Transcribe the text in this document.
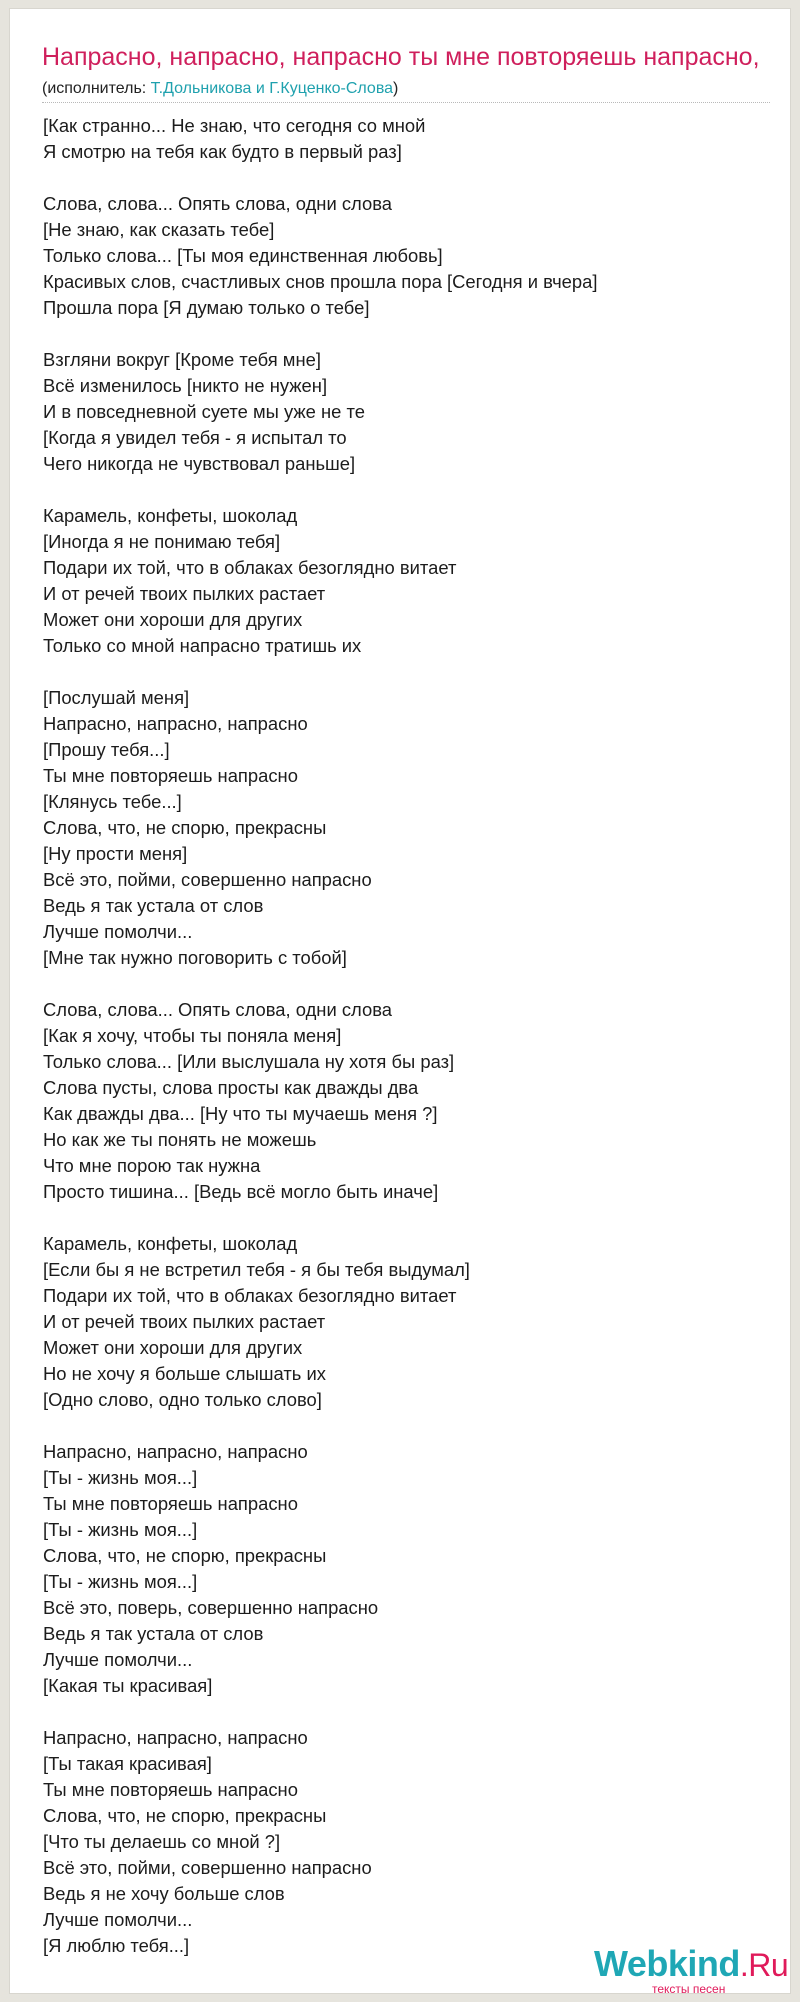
Напрасно, напрасно, напрасно ты мне повторяешь напрасно,
(исполнитель: Т.Дольникова и Г.Куценко-Слова)
[Как странно... Не знаю, что сегодня со мной
Я смотрю на тебя как будто в первый раз]
Слова, слова... Опять слова, одни слова
[Не знаю, как сказать тебе]
Только слова... [Ты моя единственная любовь]
Красивых слов, счастливых снов прошла пора [Сегодня и вчера]
Прошла пора [Я думаю только о тебе]
Взгляни вокруг [Кроме тебя мне]
Всё изменилось [никто не нужен]
И в повседневной суете мы уже не те
[Когда я увидел тебя - я испытал то
Чего никогда не чувствовал раньше]
Карамель, конфеты, шоколад
[Иногда я не понимаю тебя]
Подари их той, что в облаках безоглядно витает
И от речей твоих пылких растает
Может они хороши для других
Только со мной напрасно тратишь их
[Послушай меня]
Напрасно, напрасно, напрасно
[Прошу тебя...]
Ты мне повторяешь напрасно
[Клянусь тебе...]
Слова, что, не спорю, прекрасны
[Ну прости меня]
Всё это, пойми, совершенно напрасно
Ведь я так устала от слов
Лучше помолчи...
[Мне так нужно поговорить с тобой]
Слова, слова... Опять слова, одни слова
[Как я хочу, чтобы ты поняла меня]
Только слова... [Или выслушала ну хотя бы раз]
Слова пусты, слова просты как дважды два
Как дважды два... [Ну что ты мучаешь меня ?]
Но как же ты понять не можешь
Что мне порою так нужна
Просто тишина... [Ведь всё могло быть иначе]
Карамель, конфеты, шоколад
[Если бы я не встретил тебя - я бы тебя выдумал]
Подари их той, что в облаках безоглядно витает
И от речей твоих пылких растает
Может они хороши для других
Но не хочу я больше слышать их
[Одно слово, одно только слово]
Напрасно, напрасно, напрасно
[Ты - жизнь моя...]
Ты мне повторяешь напрасно
[Ты - жизнь моя...]
Слова, что, не спорю, прекрасны
[Ты - жизнь моя...]
Всё это, поверь, совершенно напрасно
Ведь я так устала от слов
Лучше помолчи...
[Какая ты красивая]
Напрасно, напрасно, напрасно
[Ты такая красивая]
Ты мне повторяешь напрасно
Слова, что, не спорю, прекрасны
[Что ты делаешь со мной ?]
Всё это, пойми, совершенно напрасно
Ведь я не хочу больше слов
Лучше помолчи...
[Я люблю тебя...]	Webkind.Ru
тексты песен
